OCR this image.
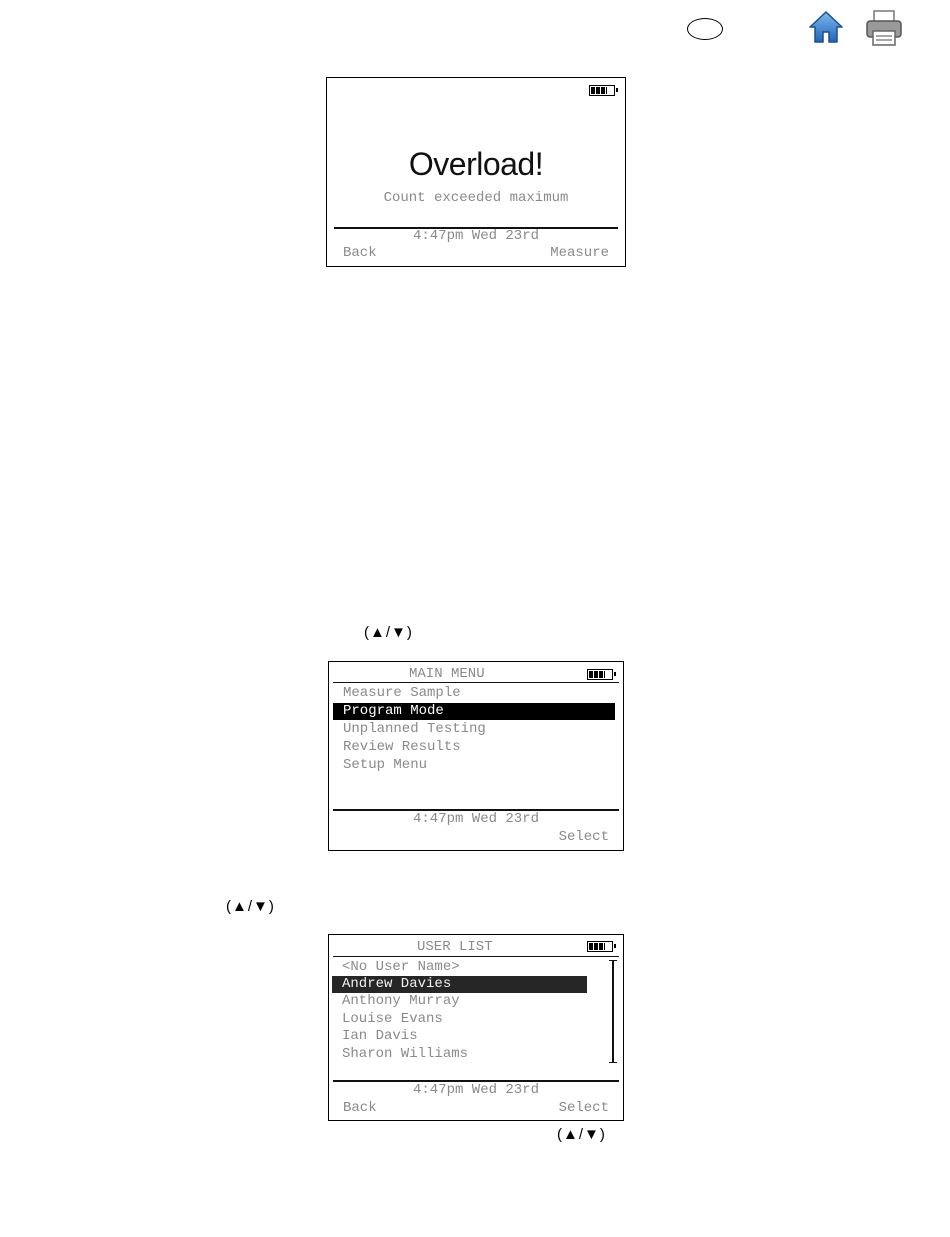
Overload!
Count exceeded maximum
4:47pm Wed 23rd
Back	Measure
(▲/▼)
MAIN MENU
Measure Sample
Program Mode
Unplanned Testing
Review Results
Setup Menu
4:47pm Wed 23rd
Select
(▲/▼)
USER LIST
<No User Name>
Andrew Davies
Anthony Murray
Louise Evans
Ian Davis
Sharon Williams
4:47pm Wed 23rd
Back	Select
(▲/▼)
